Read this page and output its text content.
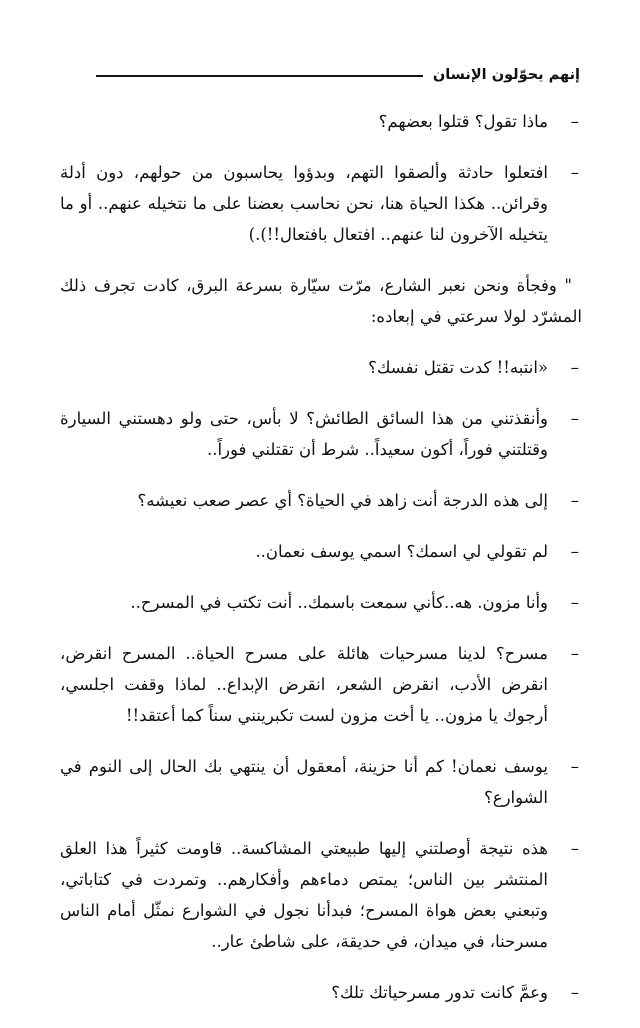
إنهم يحوّلون الإنسان

–
ماذا تقول؟ قتلوا بعضهم؟

–
افتعلوا حادثة وألصقوا التهم، وبدؤوا يحاسبون من حولهم، دون أدلة وقرائن.. هكذا الحياة هنا، نحن نحاسب بعضنا على ما نتخيله عنهم.. أو ما يتخيله الآخرون لنا عنهم.. افتعال بافتعال!!).)

" وفجأة ونحن نعبر الشارع، مرّت سيّارة بسرعة البرق، كادت تجرف ذلك المشرّد لولا سرعتي في إبعاده:

–
«انتبه!! كدت تقتل نفسك؟

–
وأنقذتني من هذا السائق الطائش؟ لا بأس، حتى ولو دهستني السيارة وقتلتني فوراً، أكون سعيداً.. شرط أن تقتلني فوراً..

–
إلى هذه الدرجة أنت زاهد في الحياة؟ أي عصر صعب نعيشه؟

–
لم تقولي لي اسمك؟ اسمي يوسف نعمان..

–
وأنا مزون. هه..كأني سمعت باسمك.. أنت تكتب في المسرح..

–
مسرح؟ لدينا مسرحيات هائلة على مسرح الحياة.. المسرح انقرض، انقرض الأدب، انقرض الشعر، انقرض الإبداع.. لماذا وقفت اجلسي، أرجوك يا مزون.. يا أخت مزون لست تكبرينني سناً كما أعتقد!!

–
يوسف نعمان! كم أنا حزينة، أمعقول أن ينتهي بك الحال إلى النوم في الشوارع؟

–
هذه نتيجة أوصلتني إليها طبيعتي المشاكسة.. قاومت كثيراً هذا العلق المنتشر بين الناس؛ يمتص دماءهم وأفكارهم.. وتمردت في كتاباتي، وتبعني بعض هواة المسرح؛ فبدأنا نجول في الشوارع نمثّل أمام الناس مسرحنا، في ميدان، في حديقة، على شاطئ عار..

–
وعمَّ كانت تدور مسرحياتك تلك؟
